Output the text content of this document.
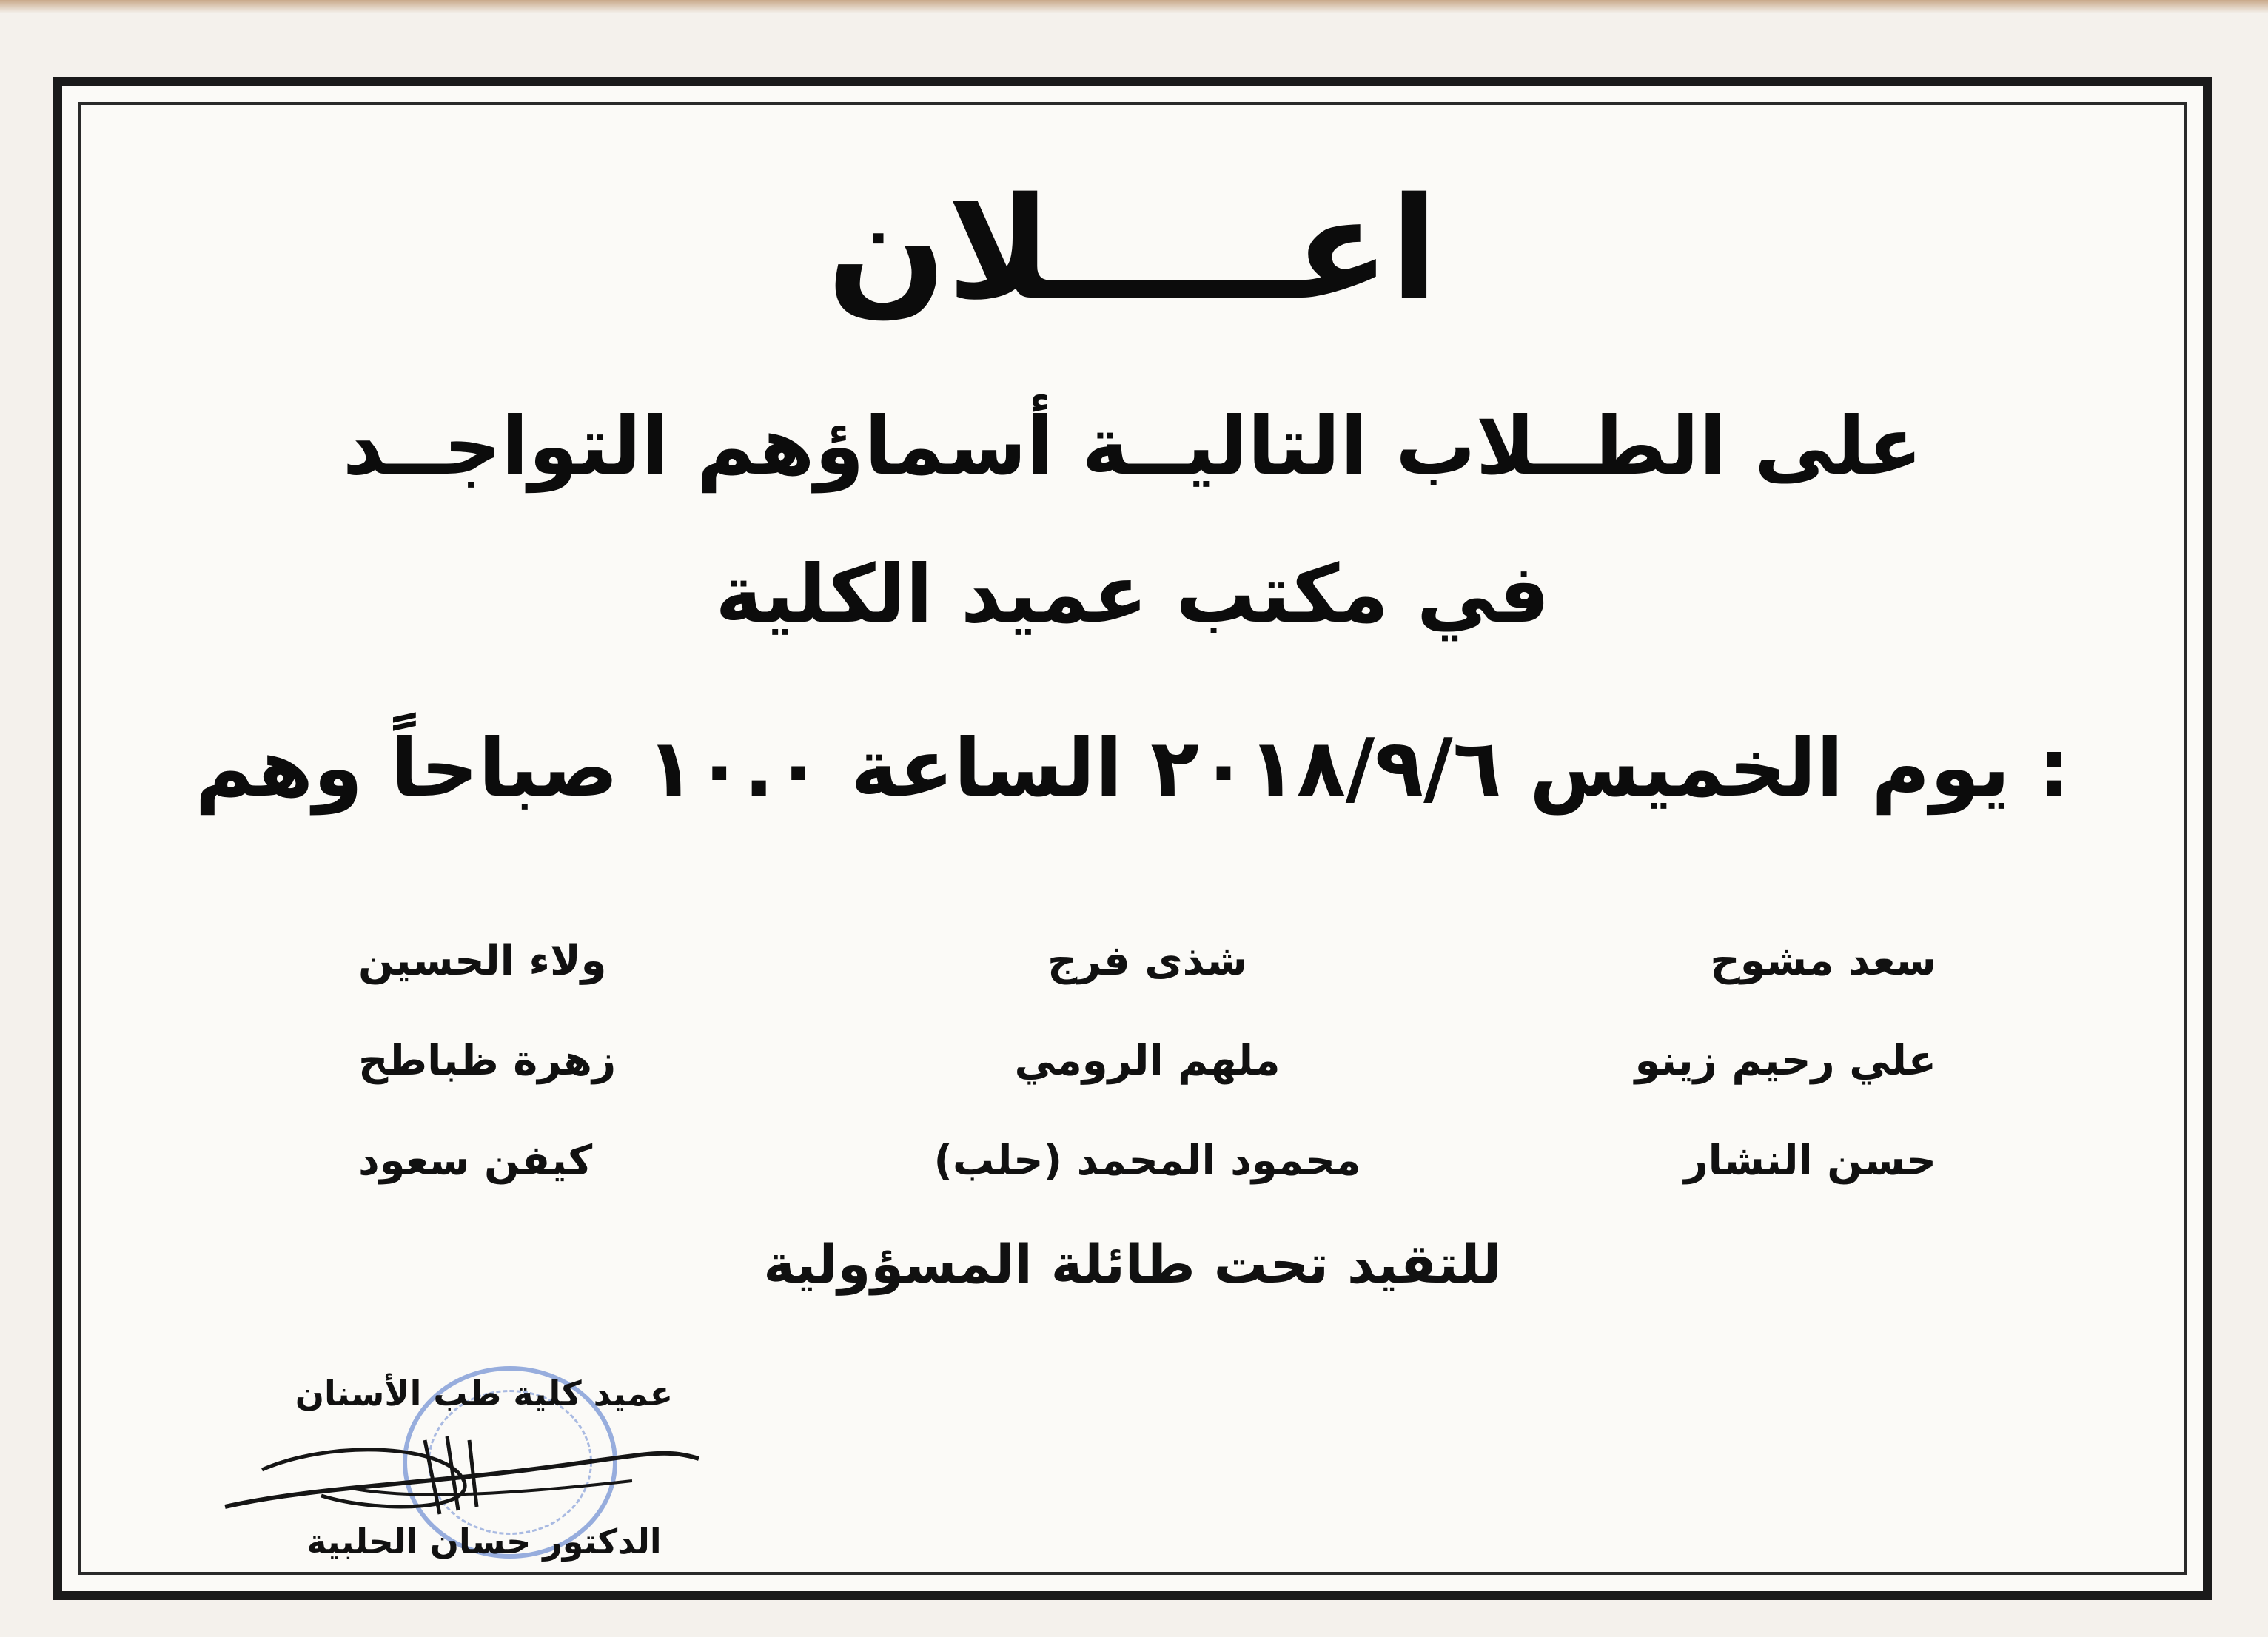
اعـــــلان
على الطــلاب التاليــة أسماؤهم التواجــد
في مكتب عميد الكلية
: يوم الخميس ٢٠١٨/٩/٦ الساعة ١٠.٠ صباحاً وهم
سعد مشوح
شذى فرج
ولاء الحسين
علي رحيم زينو
ملهم الرومي
زهرة ظباطح
حسن النشار
محمود المحمد (حلب)
كيفن سعود
للتقيد تحت طائلة المسؤولية
عميد كلية طب الأسنان
الدكتور حسان الحلبية
